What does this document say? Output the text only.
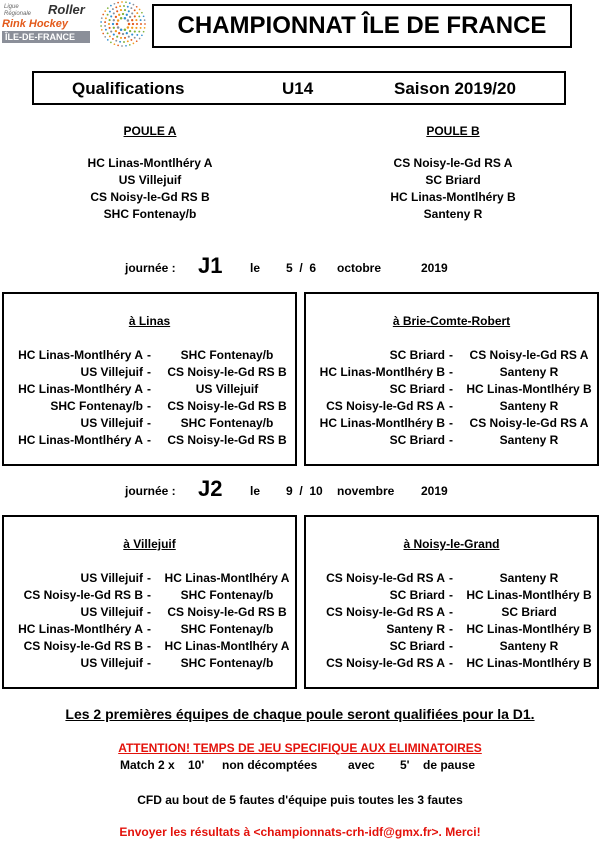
Ligue
Régionale Roller
Rink Hockey
ÎLE-DE-FRANCE	CHAMPIONNAT ÎLE DE FRANCE
Qualifications	U14	Saison 2019/20
POULE A
HC Linas-Montlhéry A
US Villejuif
CS Noisy-le-Gd RS B
SHC Fontenay/b
POULE B
CS Noisy-le-Gd RS A
SC Briard
HC Linas-Montlhéry B
Santeny R
journée : J1 le 5  /  6 octobre	2019
à Linas
HC Linas-Montlhéry A -	SHC Fontenay/b
US Villejuif -	CS Noisy-le-Gd RS B
HC Linas-Montlhéry A -	US Villejuif
SHC Fontenay/b -	CS Noisy-le-Gd RS B
US Villejuif -	SHC Fontenay/b
HC Linas-Montlhéry A -	CS Noisy-le-Gd RS B
à Brie-Comte-Robert
SC Briard -	CS Noisy-le-Gd RS A
HC Linas-Montlhéry B -	Santeny R
SC Briard -	HC Linas-Montlhéry B
CS Noisy-le-Gd RS A -	Santeny R
HC Linas-Montlhéry B -	CS Noisy-le-Gd RS A
SC Briard -	Santeny R
journée : J2 le 9  /  10 novembre 2019
à Villejuif
US Villejuif -	HC Linas-Montlhéry A
CS Noisy-le-Gd RS B -	SHC Fontenay/b
US Villejuif -	CS Noisy-le-Gd RS B
HC Linas-Montlhéry A -	SHC Fontenay/b
CS Noisy-le-Gd RS B -	HC Linas-Montlhéry A
US Villejuif -	SHC Fontenay/b
à Noisy-le-Grand
CS Noisy-le-Gd RS A -	Santeny R
SC Briard -	HC Linas-Montlhéry B
CS Noisy-le-Gd RS A -	SC Briard
Santeny R -	HC Linas-Montlhéry B
SC Briard -	Santeny R
CS Noisy-le-Gd RS A -	HC Linas-Montlhéry B
Les 2 premières équipes de chaque poule seront qualifiées pour la D1.
ATTENTION! TEMPS DE JEU SPECIFIQUE AUX ELIMINATOIRES
Match 2 x 10' non décomptées	avec 5' de pause
CFD au bout de 5 fautes d'équipe puis toutes les 3 fautes
Envoyer les résultats à <championnats-crh-idf@gmx.fr>. Merci!
